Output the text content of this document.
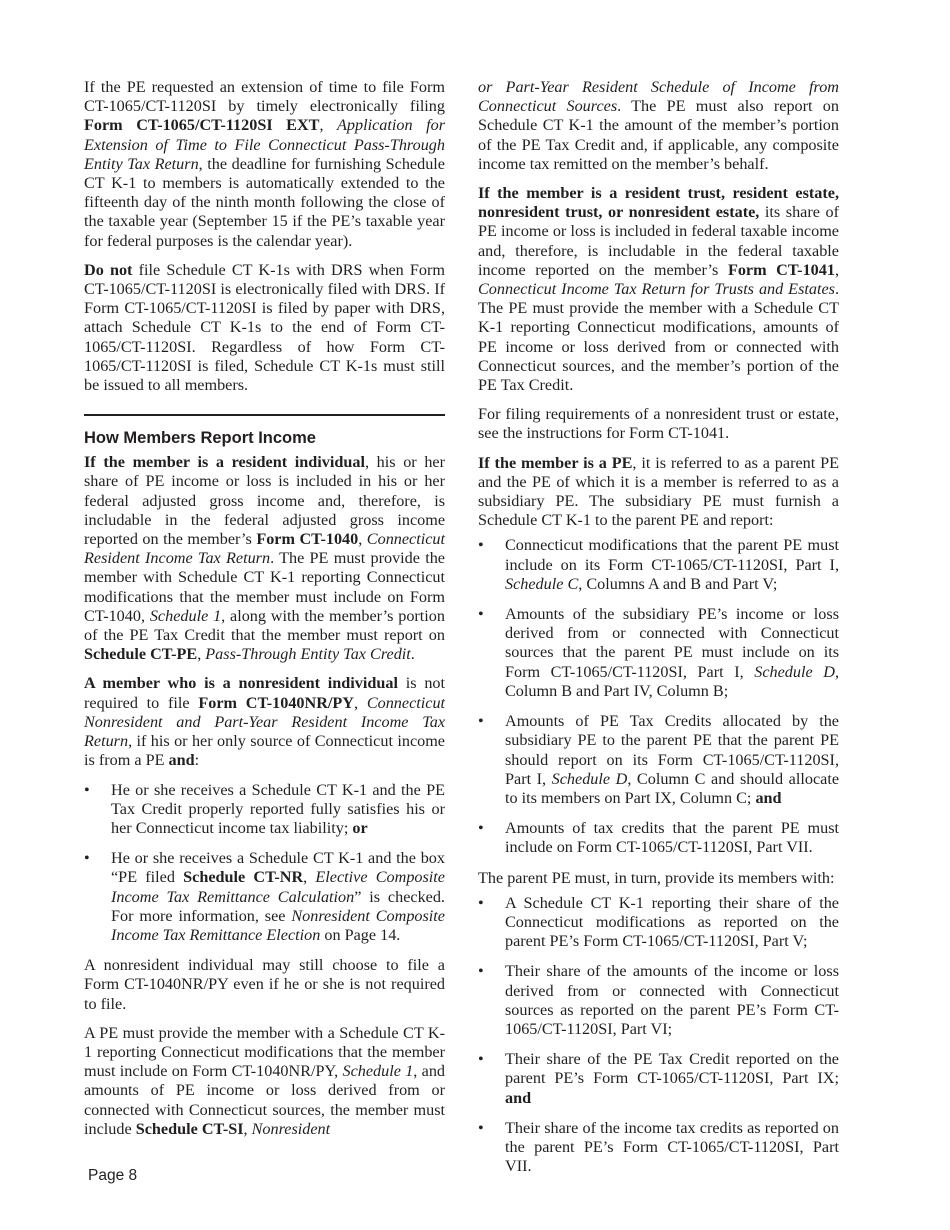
If the PE requested an extension of time to file Form CT-1065/CT-1120SI by timely electronically filing Form CT-1065/CT-1120SI EXT, Application for Extension of Time to File Connecticut Pass-Through Entity Tax Return, the deadline for furnishing Schedule CT K-1 to members is automatically extended to the fifteenth day of the ninth month following the close of the taxable year (September 15 if the PE’s taxable year for federal purposes is the calendar year).

Do not file Schedule CT K-1s with DRS when Form CT-1065/CT-1120SI is electronically filed with DRS. If Form CT-1065/CT-1120SI is filed by paper with DRS, attach Schedule CT K-1s to the end of Form CT-1065/CT-1120SI. Regardless of how Form CT-1065/CT-1120SI is filed, Schedule CT K-1s must still be issued to all members.

How Members Report Income

If the member is a resident individual, his or her share of PE income or loss is included in his or her federal adjusted gross income and, therefore, is includable in the federal adjusted gross income reported on the member’s Form CT-1040, Connecticut Resident Income Tax Return. The PE must provide the member with Schedule CT K-1 reporting Connecticut modifications that the member must include on Form CT-1040, Schedule 1, along with the member’s portion of the PE Tax Credit that the member must report on Schedule CT-PE, Pass-Through Entity Tax Credit.

A member who is a nonresident individual is not required to file Form CT-1040NR/PY, Connecticut Nonresident and Part-Year Resident Income Tax Return, if his or her only source of Connecticut income is from a PE and:

• He or she receives a Schedule CT K-1 and the PE Tax Credit properly reported fully satisfies his or her Connecticut income tax liability; or
• He or she receives a Schedule CT K-1 and the box “PE filed Schedule CT-NR, Elective Composite Income Tax Remittance Calculation” is checked. For more information, see Nonresident Composite Income Tax Remittance Election on Page 14.

A nonresident individual may still choose to file a Form CT-1040NR/PY even if he or she is not required to file.

A PE must provide the member with a Schedule CT K-1 reporting Connecticut modifications that the member must include on Form CT-1040NR/PY, Schedule 1, and amounts of PE income or loss derived from or connected with Connecticut sources, the member must include Schedule CT-SI, Nonresident

or Part-Year Resident Schedule of Income from Connecticut Sources. The PE must also report on Schedule CT K-1 the amount of the member’s portion of the PE Tax Credit and, if applicable, any composite income tax remitted on the member’s behalf.

If the member is a resident trust, resident estate, nonresident trust, or nonresident estate, its share of PE income or loss is included in federal taxable income and, therefore, is includable in the federal taxable income reported on the member’s Form CT-1041, Connecticut Income Tax Return for Trusts and Estates. The PE must provide the member with a Schedule CT K-1 reporting Connecticut modifications, amounts of PE income or loss derived from or connected with Connecticut sources, and the member’s portion of the PE Tax Credit.

For filing requirements of a nonresident trust or estate, see the instructions for Form CT-1041.

If the member is a PE, it is referred to as a parent PE and the PE of which it is a member is referred to as a subsidiary PE. The subsidiary PE must furnish a Schedule CT K-1 to the parent PE and report:

• Connecticut modifications that the parent PE must include on its Form CT-1065/CT-1120SI, Part I, Schedule C, Columns A and B and Part V;
• Amounts of the subsidiary PE’s income or loss derived from or connected with Connecticut sources that the parent PE must include on its Form CT-1065/CT-1120SI, Part I, Schedule D, Column B and Part IV, Column B;
• Amounts of PE Tax Credits allocated by the subsidiary PE to the parent PE that the parent PE should report on its Form CT-1065/CT-1120SI, Part I, Schedule D, Column C and should allocate to its members on Part IX, Column C; and
• Amounts of tax credits that the parent PE must include on Form CT-1065/CT-1120SI, Part VII.

The parent PE must, in turn, provide its members with:

• A Schedule CT K-1 reporting their share of the Connecticut modifications as reported on the parent PE’s Form CT-1065/CT-1120SI, Part V;
• Their share of the amounts of the income or loss derived from or connected with Connecticut sources as reported on the parent PE’s Form CT-1065/CT-1120SI, Part VI;
• Their share of the PE Tax Credit reported on the parent PE’s Form CT-1065/CT-1120SI, Part IX; and
• Their share of the income tax credits as reported on the parent PE’s Form CT-1065/CT-1120SI, Part VII.
Page 8
